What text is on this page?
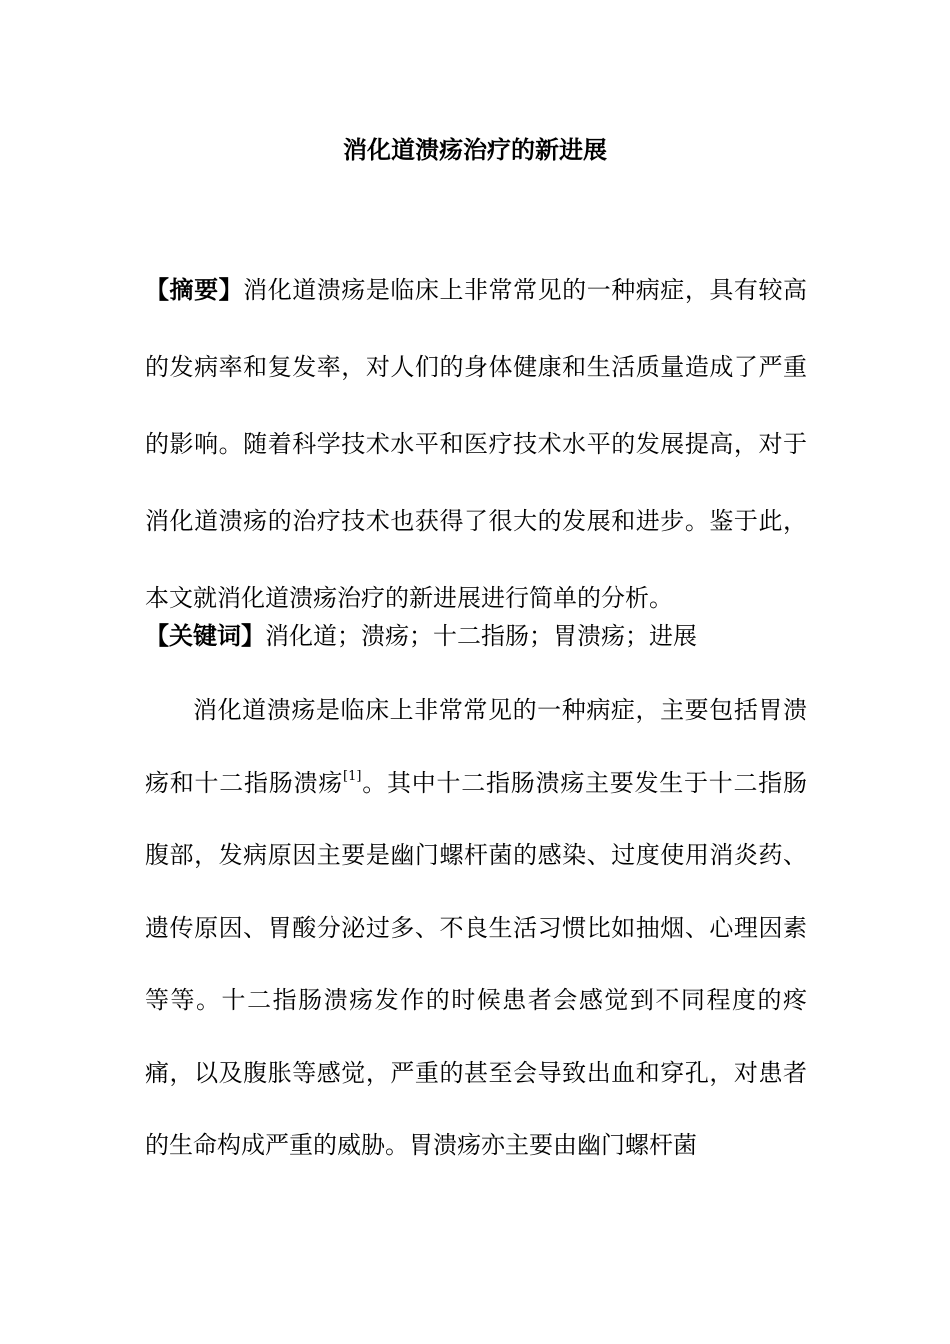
消化道溃疡治疗的新进展

【摘要】消化道溃疡是临床上非常常见的一种病症，具有较高的发病率和复发率，对人们的身体健康和生活质量造成了严重的影响。随着科学技术水平和医疗技术水平的发展提高，对于消化道溃疡的治疗技术也获得了很大的发展和进步。鉴于此，本文就消化道溃疡治疗的新进展进行简单的分析。

【关键词】消化道；溃疡；十二指肠；胃溃疡；进展

消化道溃疡是临床上非常常见的一种病症，主要包括胃溃疡和十二指肠溃疡[1]。其中十二指肠溃疡主要发生于十二指肠腹部，发病原因主要是幽门螺杆菌的感染、过度使用消炎药、遗传原因、胃酸分泌过多、不良生活习惯比如抽烟、心理因素等等。十二指肠溃疡发作的时候患者会感觉到不同程度的疼痛，以及腹胀等感觉，严重的甚至会导致出血和穿孔，对患者的生命构成严重的威胁。胃溃疡亦主要由幽门螺杆菌
